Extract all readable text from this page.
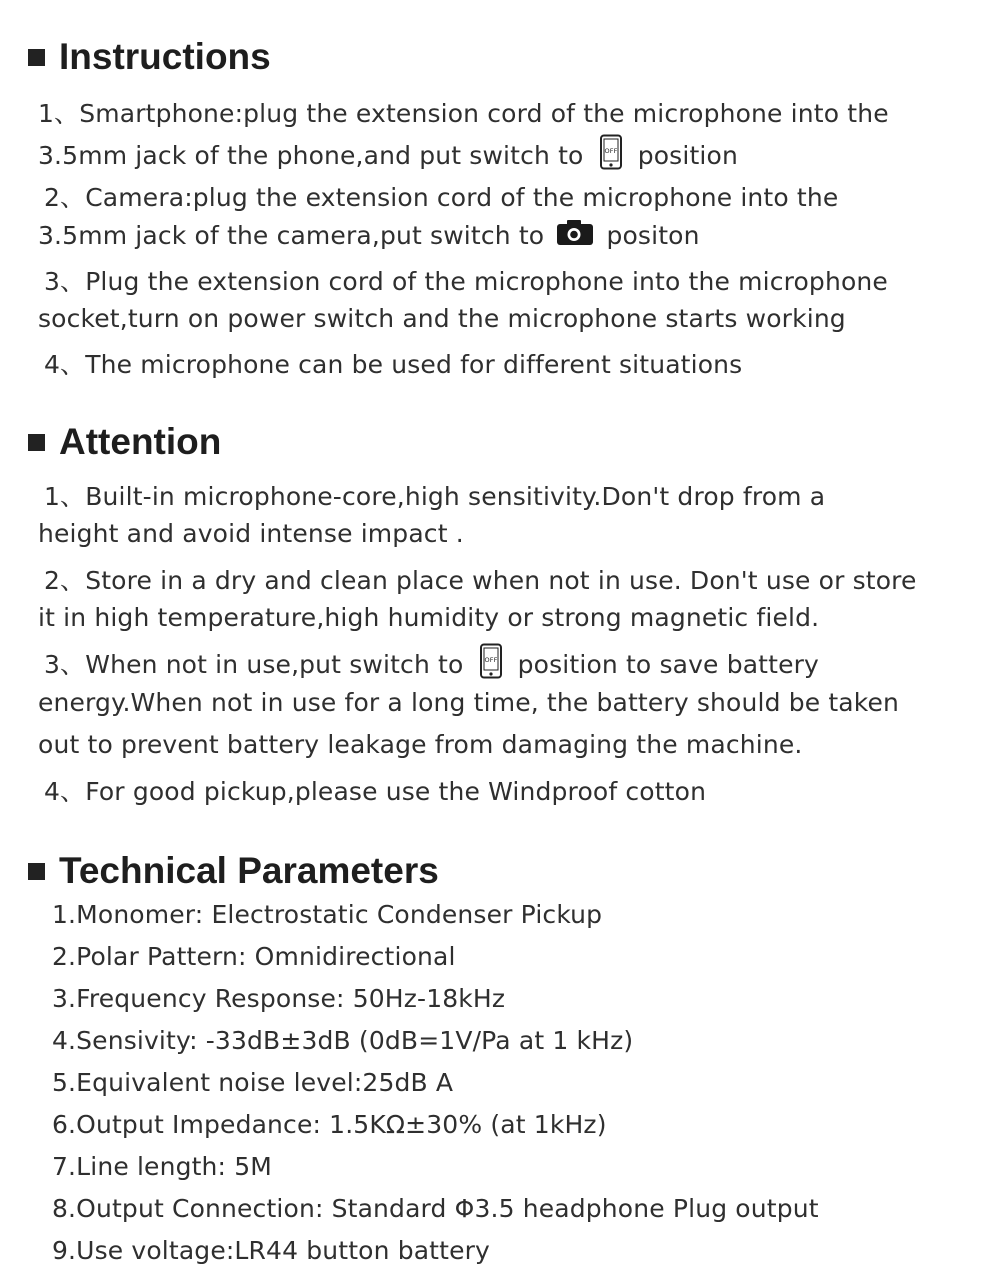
Instructions
1、Smartphone:plug the extension cord of the microphone into the
3.5mm jack of the phone,and put switch to	OFF position
2、Camera:plug the extension cord of the microphone into the
3.5mm jack of the camera,put switch to positon
3、Plug the extension cord of the microphone into the microphone
socket,turn on power switch and the microphone starts working
4、The microphone can be used for different situations
Attention
1、Built-in microphone-core,high sensitivity.Don't drop from a
height and avoid intense impact .
2、Store in a dry and clean place when not in use. Don't use or store
it in high temperature,high humidity or strong magnetic field.
3、When not in use,put switch to	OFF position to save battery
energy.When not in use for a long time, the battery should be taken
out to prevent battery leakage from damaging the machine.
4、For good pickup,please use the Windproof cotton
Technical Parameters
1.Monomer: Electrostatic Condenser Pickup
2.Polar Pattern: Omnidirectional
3.Frequency Response: 50Hz-18kHz
4.Sensivity: -33dB±3dB (0dB=1V/Pa at 1 kHz)
5.Equivalent noise level:25dB A
6.Output Impedance: 1.5KΩ±30% (at 1kHz)
7.Line length: 5M
8.Output Connection: Standard Φ3.5 headphone Plug output
9.Use voltage:LR44 button battery
